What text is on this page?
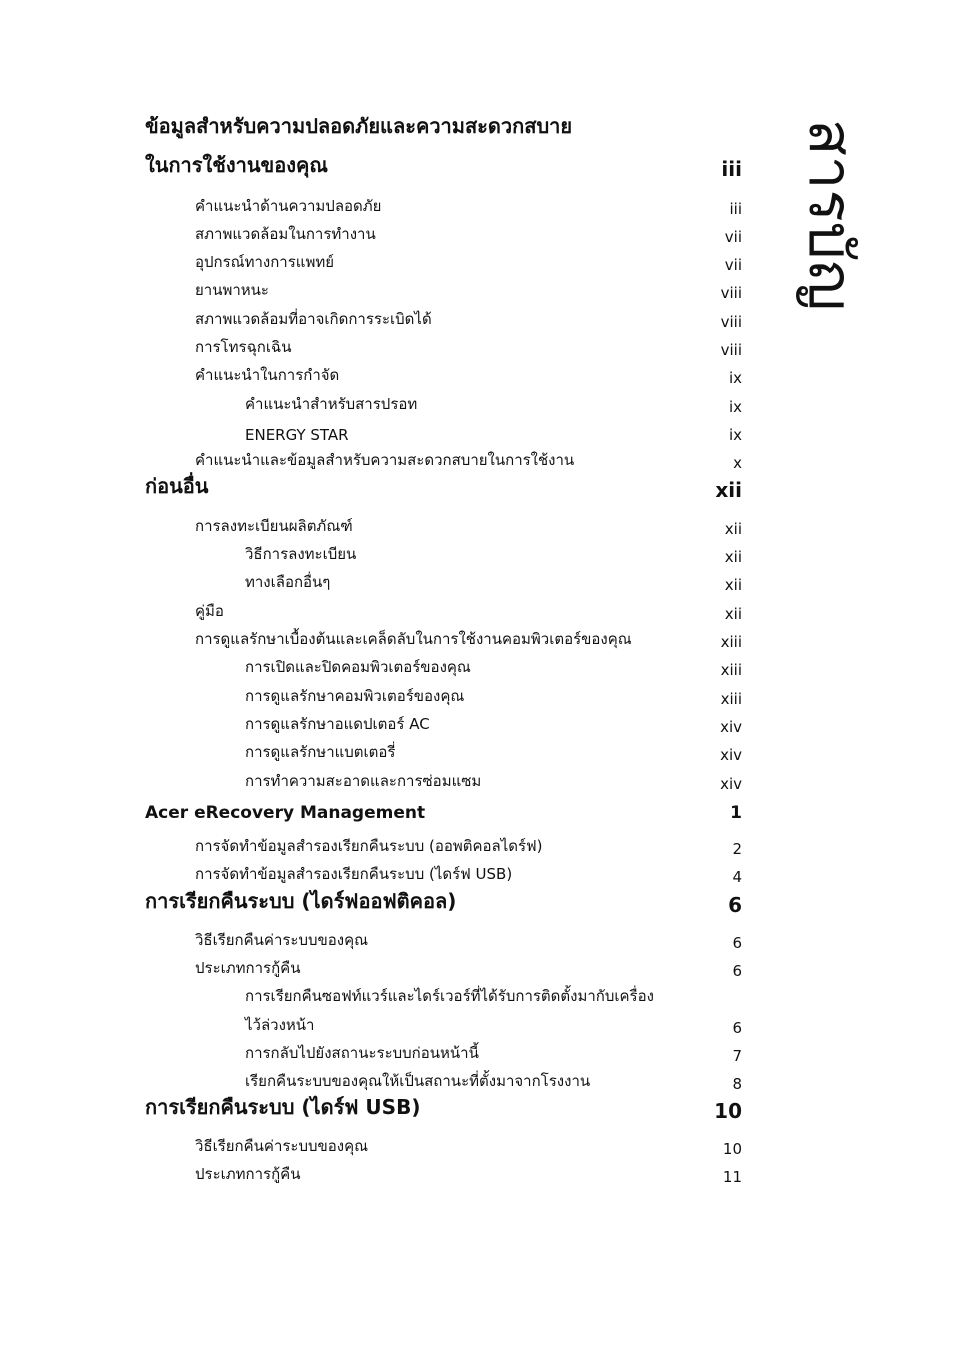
สารบัญ
ข้อมูลสำหรับความปลอดภัยและความสะดวกสบาย
ในการใช้งานของคุณ	iii
คำแนะนำด้านความปลอดภัย	iii
สภาพแวดล้อมในการทำงาน	vii
อุปกรณ์ทางการแพทย์	vii
ยานพาหนะ	viii
สภาพแวดล้อมที่อาจเกิดการระเบิดได้	viii
การโทรฉุกเฉิน	viii
คำแนะนำในการกำจัด	ix
คำแนะนำสำหรับสารปรอท	ix
ENERGY STAR	ix
คำแนะนำและข้อมูลสำหรับความสะดวกสบายในการใช้งาน	x
ก่อนอื่น	xii
การลงทะเบียนผลิตภัณฑ์	xii
วิธีการลงทะเบียน	xii
ทางเลือกอื่นๆ	xii
คู่มือ	xii
การดูแลรักษาเบื้องต้นและเคล็ดลับในการใช้งานคอมพิวเตอร์ของคุณ	xiii
การเปิดและปิดคอมพิวเตอร์ของคุณ	xiii
การดูแลรักษาคอมพิวเตอร์ของคุณ	xiii
การดูแลรักษาอแดปเตอร์ AC	xiv
การดูแลรักษาแบตเตอรี่	xiv
การทำความสะอาดและการซ่อมแซม	xiv
Acer eRecovery Management	1
การจัดทำข้อมูลสำรองเรียกคืนระบบ (ออพติคอลไดร์ฟ)	2
การจัดทำข้อมูลสำรองเรียกคืนระบบ (ไดร์ฟ USB)	4
การเรียกคืนระบบ (ไดร์ฟออฟติคอล)	6
วิธีเรียกคืนค่าระบบของคุณ	6
ประเภทการกู้คืน	6
การเรียกคืนซอฟท์แวร์และไดร์เวอร์ที่ได้รับการติดตั้งมากับเครื่อง
ไว้ล่วงหน้า	6
การกลับไปยังสถานะระบบก่อนหน้านี้	7
เรียกคืนระบบของคุณให้เป็นสถานะที่ตั้งมาจากโรงงาน	8
การเรียกคืนระบบ (ไดร์ฟ USB)	10
วิธีเรียกคืนค่าระบบของคุณ	10
ประเภทการกู้คืน	11
